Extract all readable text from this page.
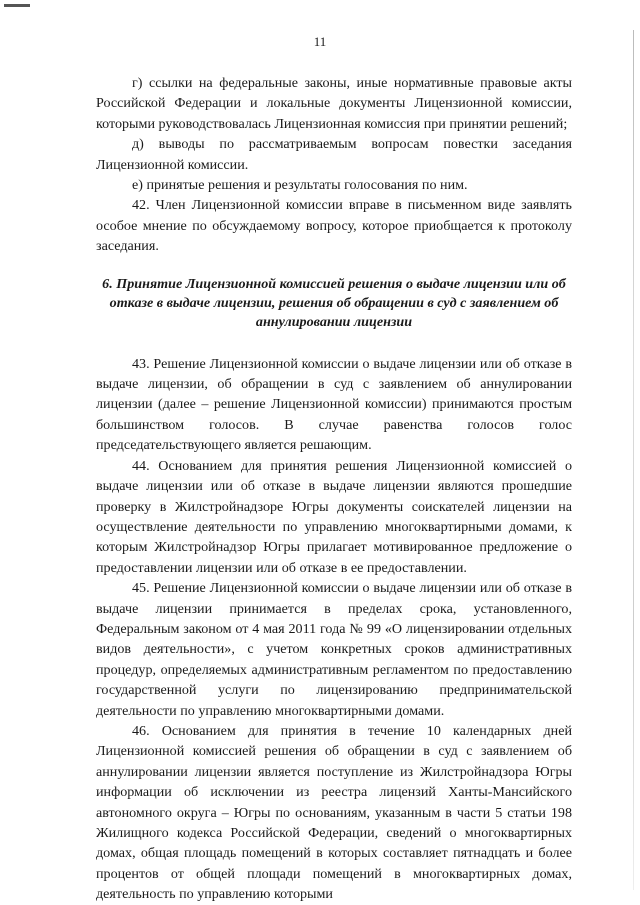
11

г) ссылки на федеральные законы, иные нормативные правовые акты Российской Федерации и локальные документы Лицензионной комиссии, которыми руководствовалась Лицензионная комиссия при принятии решений;

д) выводы по рассматриваемым вопросам повестки заседания Лицензионной комиссии.

е) принятые решения и результаты голосования по ним.

42. Член Лицензионной комиссии вправе в письменном виде заявлять особое мнение по обсуждаемому вопросу, которое приобщается к протоколу заседания.

6. Принятие Лицензионной комиссией решения о выдаче лицензии или об отказе в выдаче лицензии, решения об обращении в суд с заявлением об аннулировании лицензии

43. Решение Лицензионной комиссии о выдаче лицензии или об отказе в выдаче лицензии, об обращении в суд с заявлением об аннулировании лицензии (далее – решение Лицензионной комиссии) принимаются простым большинством голосов. В случае равенства голосов голос председательствующего является решающим.

44. Основанием для принятия решения Лицензионной комиссией о выдаче лицензии или об отказе в выдаче лицензии являются прошедшие проверку в Жилстройнадзоре Югры документы соискателей лицензии на осуществление деятельности по управлению многоквартирными домами, к которым Жилстройнадзор Югры прилагает мотивированное предложение о предоставлении лицензии или об отказе в ее предоставлении.

45. Решение Лицензионной комиссии о выдаче лицензии или об отказе в выдаче лицензии принимается в пределах срока, установленного, Федеральным законом от 4 мая 2011 года № 99 «О лицензировании отдельных видов деятельности», с учетом конкретных сроков административных процедур, определяемых административным регламентом по предоставлению государственной услуги по лицензированию предпринимательской деятельности по управлению многоквартирными домами.

46. Основанием для принятия в течение 10 календарных дней Лицензионной комиссией решения об обращении в суд с заявлением об аннулировании лицензии является поступление из Жилстройнадзора Югры информации об исключении из реестра лицензий Ханты-Мансийского автономного округа – Югры по основаниям, указанным в части 5 статьи 198 Жилищного кодекса Российской Федерации, сведений о многоквартирных домах, общая площадь помещений в которых составляет пятнадцать и более процентов от общей площади помещений в многоквартирных домах, деятельность по управлению которыми
